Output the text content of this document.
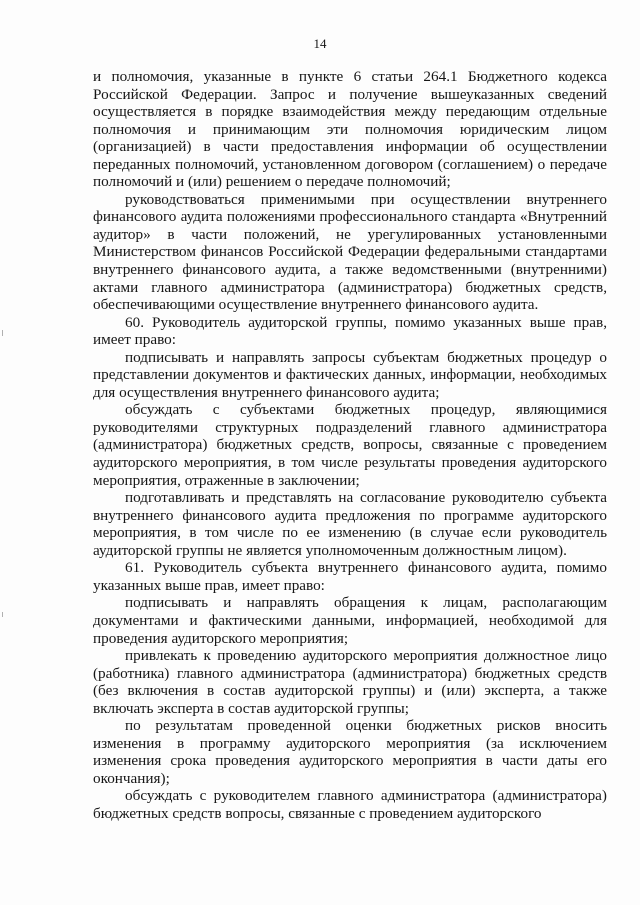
14

и полномочия, указанные в пункте 6 статьи 264.1 Бюджетного кодекса Российской Федерации. Запрос и получение вышеуказанных сведений осуществляется в порядке взаимодействия между передающим отдельные полномочия и принимающим эти полномочия юридическим лицом (организацией) в части предоставления информации об осуществлении переданных полномочий, установленном договором (соглашением) о передаче полномочий и (или) решением о передаче полномочий;

руководствоваться применимыми при осуществлении внутреннего финансового аудита положениями профессионального стандарта «Внутренний аудитор» в части положений, не урегулированных установленными Министерством финансов Российской Федерации федеральными стандартами внутреннего финансового аудита, а также ведомственными (внутренними) актами главного администратора (администратора) бюджетных средств, обеспечивающими осуществление внутреннего финансового аудита.

60. Руководитель аудиторской группы, помимо указанных выше прав, имеет право:

подписывать и направлять запросы субъектам бюджетных процедур о представлении документов и фактических данных, информации, необходимых для осуществления внутреннего финансового аудита;

обсуждать с субъектами бюджетных процедур, являющимися руководителями структурных подразделений главного администратора (администратора) бюджетных средств, вопросы, связанные с проведением аудиторского мероприятия, в том числе результаты проведения аудиторского мероприятия, отраженные в заключении;

подготавливать и представлять на согласование руководителю субъекта внутреннего финансового аудита предложения по программе аудиторского мероприятия, в том числе по ее изменению (в случае если руководитель аудиторской группы не является уполномоченным должностным лицом).

61. Руководитель субъекта внутреннего финансового аудита, помимо указанных выше прав, имеет право:

подписывать и направлять обращения к лицам, располагающим документами и фактическими данными, информацией, необходимой для проведения аудиторского мероприятия;

привлекать к проведению аудиторского мероприятия должностное лицо (работника) главного администратора (администратора) бюджетных средств (без включения в состав аудиторской группы) и (или) эксперта, а также включать эксперта в состав аудиторской группы;

по результатам проведенной оценки бюджетных рисков вносить изменения в программу аудиторского мероприятия (за исключением изменения срока проведения аудиторского мероприятия в части даты его окончания);

обсуждать с руководителем главного администратора (администратора) бюджетных средств вопросы, связанные с проведением аудиторского
